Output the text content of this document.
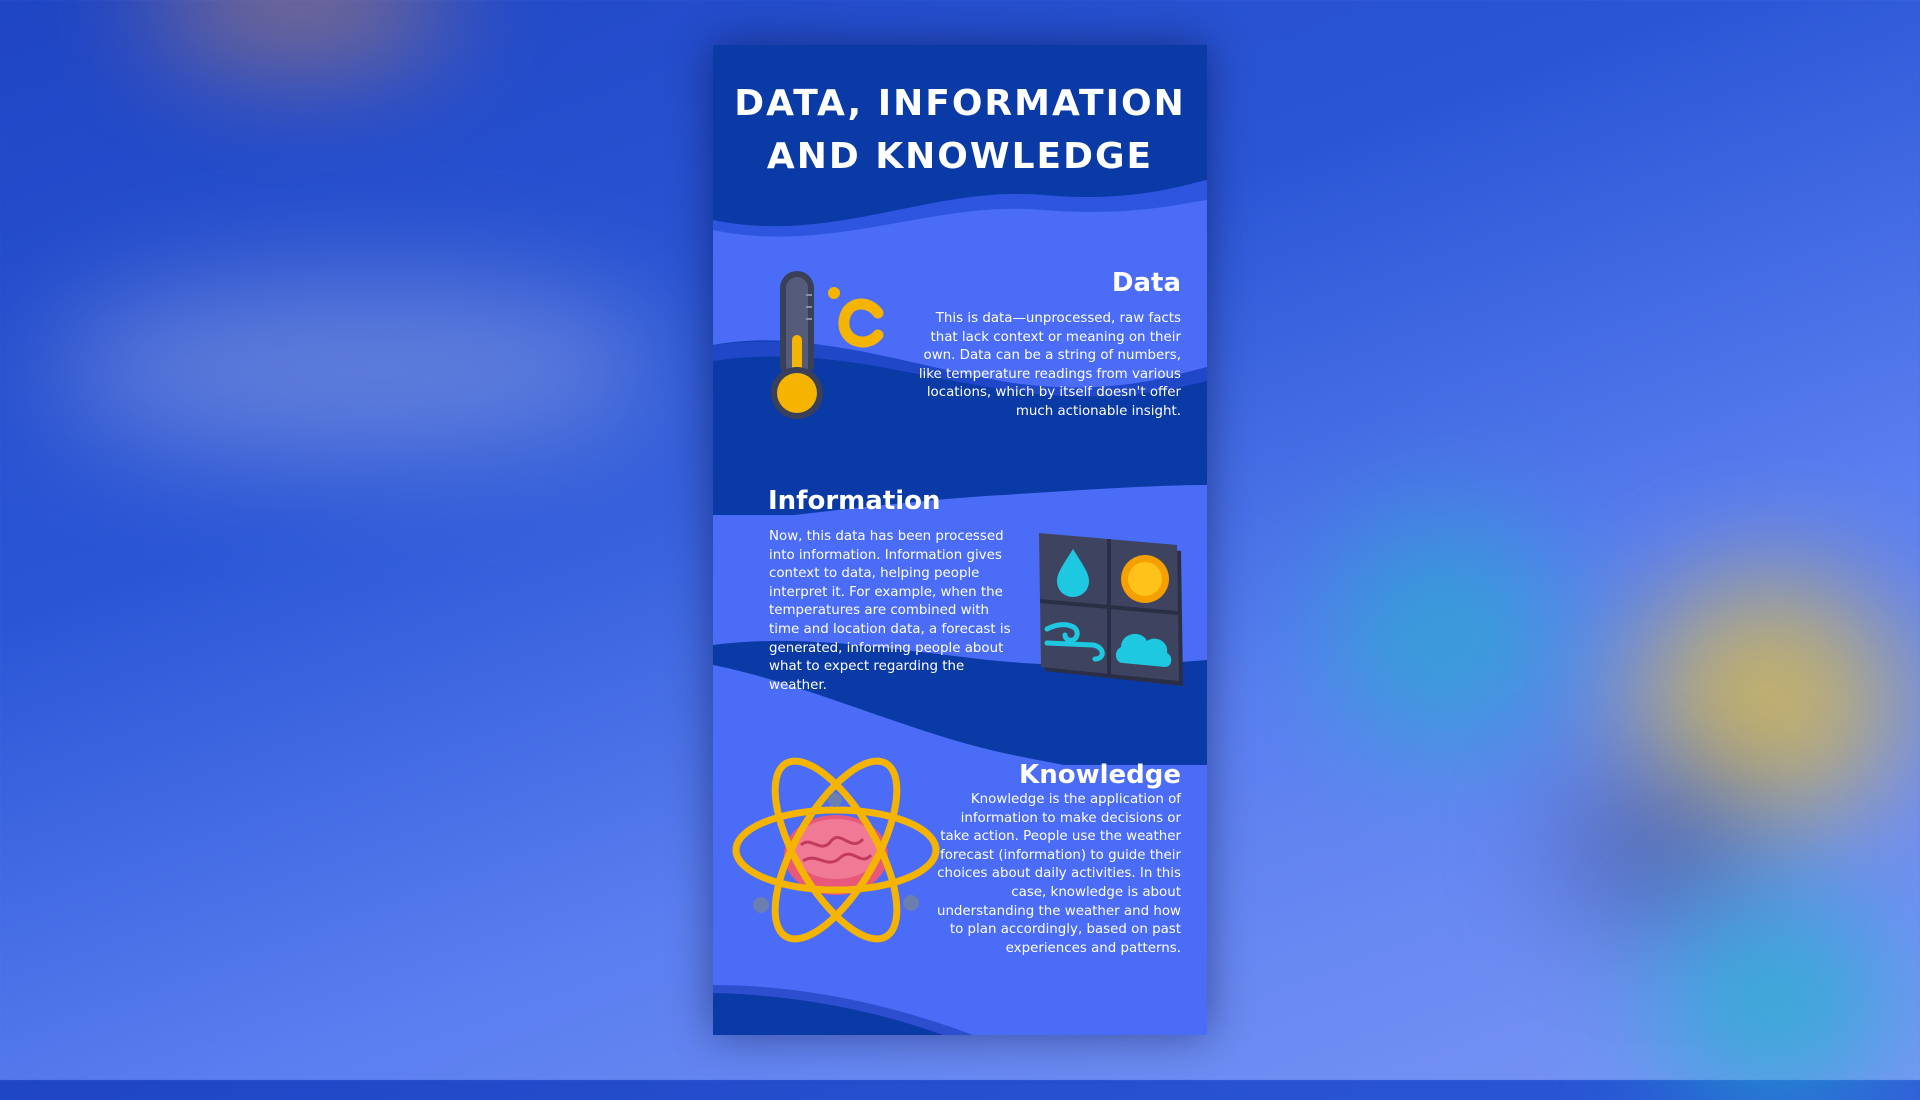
DATA, INFORMATION
AND KNOWLEDGE
Data

This is data—unprocessed, raw facts that lack context or meaning on their own. Data can be a string of numbers, like temperature readings from various locations, which by itself doesn't offer much actionable insight.

Information

Now, this data has been processed into information. Information gives context to data, helping people interpret it. For example, when the temperatures are combined with time and location data, a forecast is generated, informing people about what to expect regarding the weather.

Knowledge

Knowledge is the application of information to make decisions or take action. People use the weather forecast (information) to guide their choices about daily activities. In this case, knowledge is about understanding the weather and how to plan accordingly, based on past experiences and patterns.
